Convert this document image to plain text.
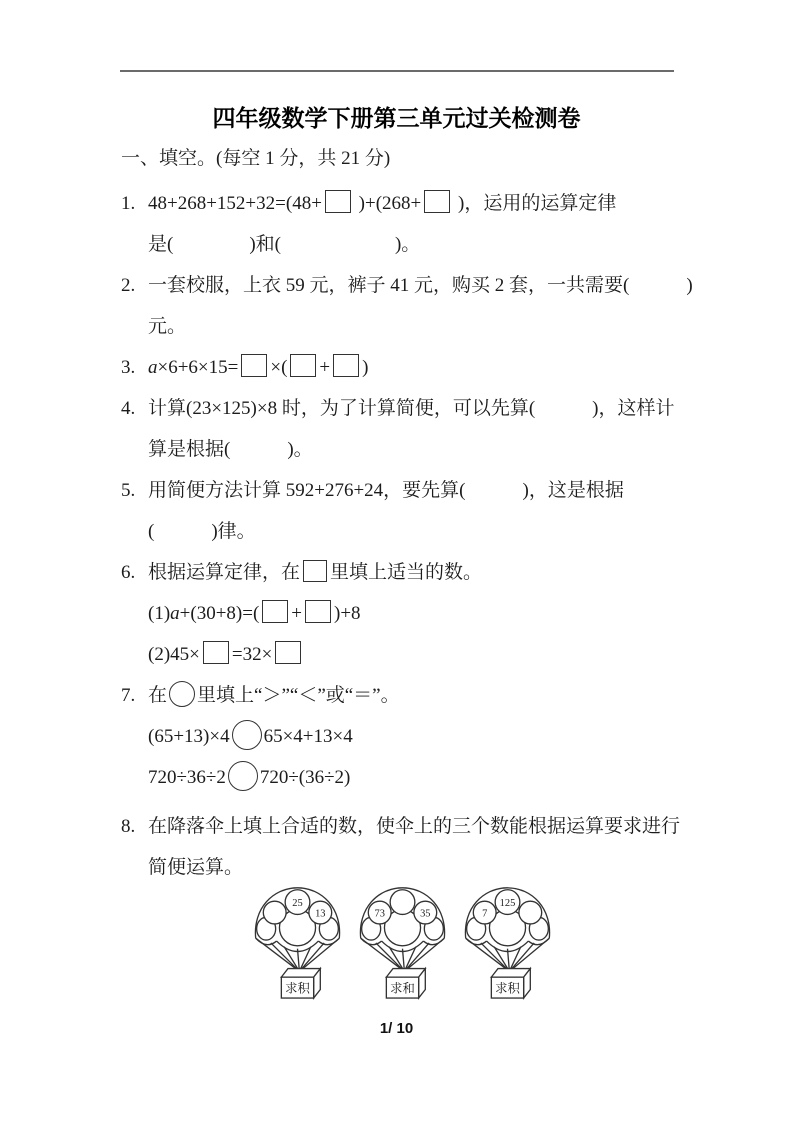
四年级数学下册第三单元过关检测卷
一、填空。(每空 1 分，共 21 分)
1. 48+268+152+32=(48+ )+(268+ )，运用的运算定律
是(　　　　)和(　　　　　　)。
2. 一套校服，上衣 59 元，裤子 41 元，购买 2 套，一共需要(　　　)
元。
3. a×6+6×15= ×( + )
4. 计算(23×125)×8 时，为了计算简便，可以先算(　　　)，这样计
算是根据(　　　)。
5. 用简便方法计算 592+276+24，要先算(　　　)，这是根据
(　　　)律。
6. 根据运算定律，在 里填上适当的数。
(1)a+(30+8)=( + )+8
(2)45× =32×
7. 在 里填上“＞”“＜”或“＝”。
(65+13)×4 65×4+13×4
720÷36÷2 720÷(36÷2)
8. 在降落伞上填上合适的数，使伞上的三个数能根据运算要求进行
简便运算。
25
13
求积
73	35
求和
7
125
求积
1/ 10
